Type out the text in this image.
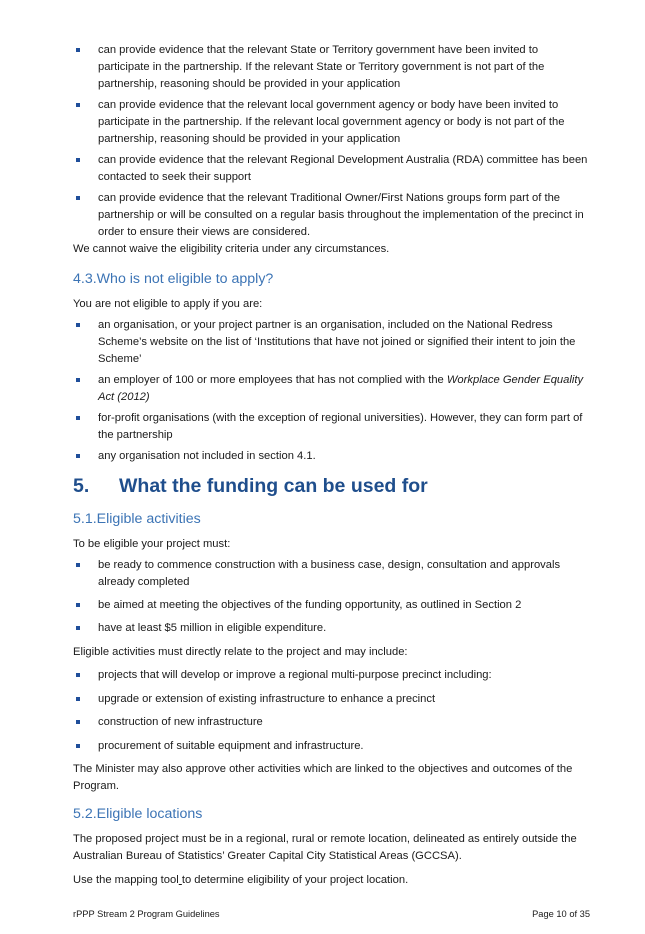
can provide evidence that the relevant State or Territory government have been invited to participate in the partnership. If the relevant State or Territory government is not part of the partnership, reasoning should be provided in your application
can provide evidence that the relevant local government agency or body have been invited to participate in the partnership. If the relevant local government agency or body is not part of the partnership, reasoning should be provided in your application
can provide evidence that the relevant Regional Development Australia (RDA) committee has been contacted to seek their support
can provide evidence that the relevant Traditional Owner/First Nations groups form part of the partnership or will be consulted on a regular basis throughout the implementation of the precinct in order to ensure their views are considered.

We cannot waive the eligibility criteria under any circumstances.

4.3.Who is not eligible to apply?

You are not eligible to apply if you are:

an organisation, or your project partner is an organisation, included on the National Redress Scheme’s website on the list of ‘Institutions that have not joined or signified their intent to join the Scheme’
an employer of 100 or more employees that has not complied with the Workplace Gender Equality Act (2012)
for-profit organisations (with the exception of regional universities). However, they can form part of the partnership
any organisation not included in section 4.1.
5. What the funding can be used for
5.1.Eligible activities

To be eligible your project must:

be ready to commence construction with a business case, design, consultation and approvals already completed
be aimed at meeting the objectives of the funding opportunity, as outlined in Section 2
have at least $5 million in eligible expenditure.

Eligible activities must directly relate to the project and may include:

projects that will develop or improve a regional multi-purpose precinct including:
upgrade or extension of existing infrastructure to enhance a precinct
construction of new infrastructure
procurement of suitable equipment and infrastructure.

The Minister may also approve other activities which are linked to the objectives and outcomes of the Program.

5.2.Eligible locations

The proposed project must be in a regional, rural or remote location, delineated as entirely outside the Australian Bureau of Statistics’ Greater Capital City Statistical Areas (GCCSA).

Use the mapping tool to determine eligibility of your project location.

rPPP Stream 2 Program Guidelines	Page 10 of 35
